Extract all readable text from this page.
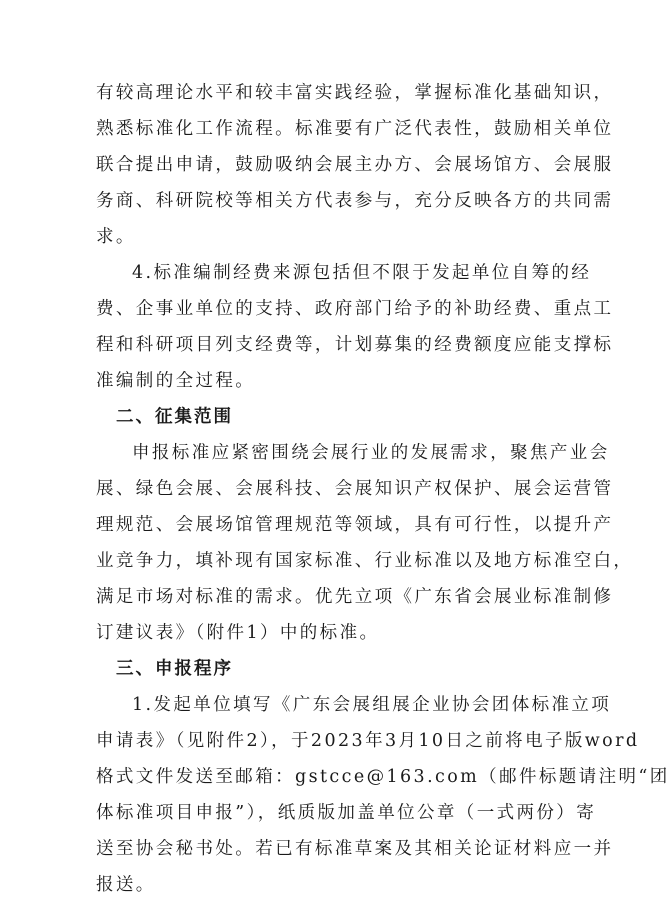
有较高理论水平和较丰富实践经验，掌握标准化基础知识，
熟悉标准化工作流程。标准要有广泛代表性，鼓励相关单位
联合提出申请，鼓励吸纳会展主办方、会展场馆方、会展服
务商、科研院校等相关方代表参与，充分反映各方的共同需
求。
4.标准编制经费来源包括但不限于发起单位自筹的经
费、企事业单位的支持、政府部门给予的补助经费、重点工
程和科研项目列支经费等，计划募集的经费额度应能支撑标
准编制的全过程。
二、征集范围
申报标准应紧密围绕会展行业的发展需求，聚焦产业会
展、绿色会展、会展科技、会展知识产权保护、展会运营管
理规范、会展场馆管理规范等领域，具有可行性，以提升产
业竞争力，填补现有国家标准、行业标准以及地方标准空白，
满足市场对标准的需求。优先立项《广东省会展业标准制修
订建议表》（附件1）中的标准。
三、申报程序
1.发起单位填写《广东会展组展企业协会团体标准立项
申请表》（见附件2），于2023年3月10日之前将电子版word
格式文件发送至邮箱：gstcce@163.com（邮件标题请注明“团
体标准项目申报”），纸质版加盖单位公章（一式两份）寄
送至协会秘书处。若已有标准草案及其相关论证材料应一并
报送。
